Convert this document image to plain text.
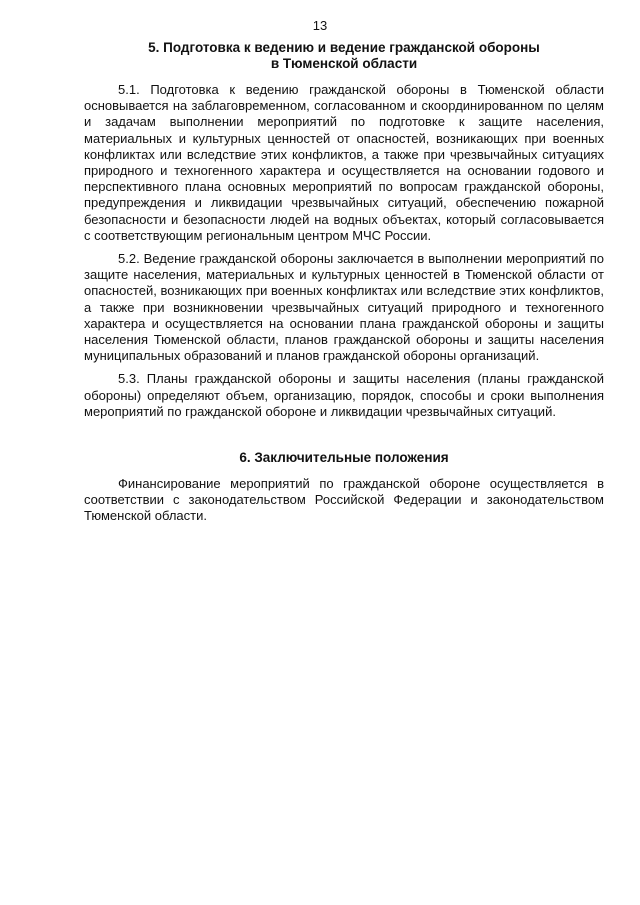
13
5. Подготовка к ведению и ведение гражданской обороны
в Тюменской области

5.1. Подготовка к ведению гражданской обороны в Тюменской области основывается на заблаговременном, согласованном и скоординированном по целям и задачам выполнении мероприятий по подготовке к защите населения, материальных и культурных ценностей от опасностей, возникающих при военных конфликтах или вследствие этих конфликтов, а также при чрезвычайных ситуациях природного и техногенного характера и осуществляется на основании годового и перспективного плана основных мероприятий по вопросам гражданской обороны, предупреждения и ликвидации чрезвычайных ситуаций, обеспечению пожарной безопасности и безопасности людей на водных объектах, который согласовывается с соответствующим региональным центром МЧС России.

5.2. Ведение гражданской обороны заключается в выполнении мероприятий по защите населения, материальных и культурных ценностей в Тюменской области от опасностей, возникающих при военных конфликтах или вследствие этих конфликтов, а также при возникновении чрезвычайных ситуаций природного и техногенного характера и осуществляется на основании плана гражданской обороны и защиты населения Тюменской области, планов гражданской обороны и защиты населения муниципальных образований и планов гражданской обороны организаций.

5.3. Планы гражданской обороны и защиты населения (планы гражданской обороны) определяют объем, организацию, порядок, способы и сроки выполнения мероприятий по гражданской обороне и ликвидации чрезвычайных ситуаций.

6. Заключительные положения

Финансирование мероприятий по гражданской обороне осуществляется в соответствии с законодательством Российской Федерации и законодательством Тюменской области.
